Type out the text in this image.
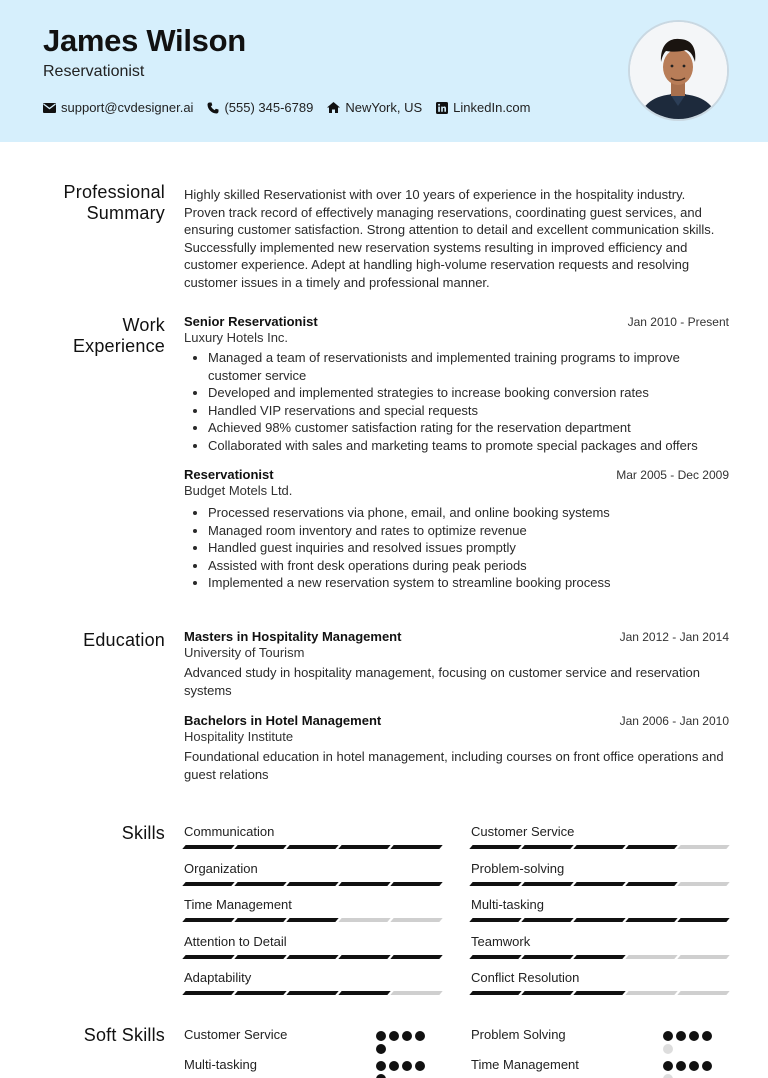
James Wilson
Reservationist
support@cvdesigner.ai (555) 345-6789 NewYork, US LinkedIn.com
Professional
Summary
Highly skilled Reservationist with over 10 years of experience in the hospitality industry. Proven track record of effectively managing reservations, coordinating guest services, and ensuring customer satisfaction. Strong attention to detail and excellent communication skills. Successfully implemented new reservation systems resulting in improved efficiency and customer experience. Adept at handling high-volume reservation requests and resolving customer issues in a timely and professional manner.
Work
Experience
Senior Reservationist	Jan 2010 - Present
Luxury Hotels Inc.
• Managed a team of reservationists and implemented training programs to improve customer service
• Developed and implemented strategies to increase booking conversion rates
• Handled VIP reservations and special requests
• Achieved 98% customer satisfaction rating for the reservation department
• Collaborated with sales and marketing teams to promote special packages and offers
Reservationist	Mar 2005 - Dec 2009
Budget Motels Ltd.
• Processed reservations via phone, email, and online booking systems
• Managed room inventory and rates to optimize revenue
• Handled guest inquiries and resolved issues promptly
• Assisted with front desk operations during peak periods
• Implemented a new reservation system to streamline booking process
Education Masters in Hospitality Management	Jan 2012 - Jan 2014
University of Tourism
Advanced study in hospitality management, focusing on customer service and reservation systems
Bachelors in Hotel Management	Jan 2006 - Jan 2010
Hospitality Institute
Foundational education in hotel management, including courses on front office operations and guest relations
Skills Communication	Customer Service
Organization	Problem-solving
Time Management	Multi-tasking
Attention to Detail	Teamwork
Adaptability	Conflict Resolution
Soft Skills Customer Service	Problem Solving
Multi-tasking	Time Management
